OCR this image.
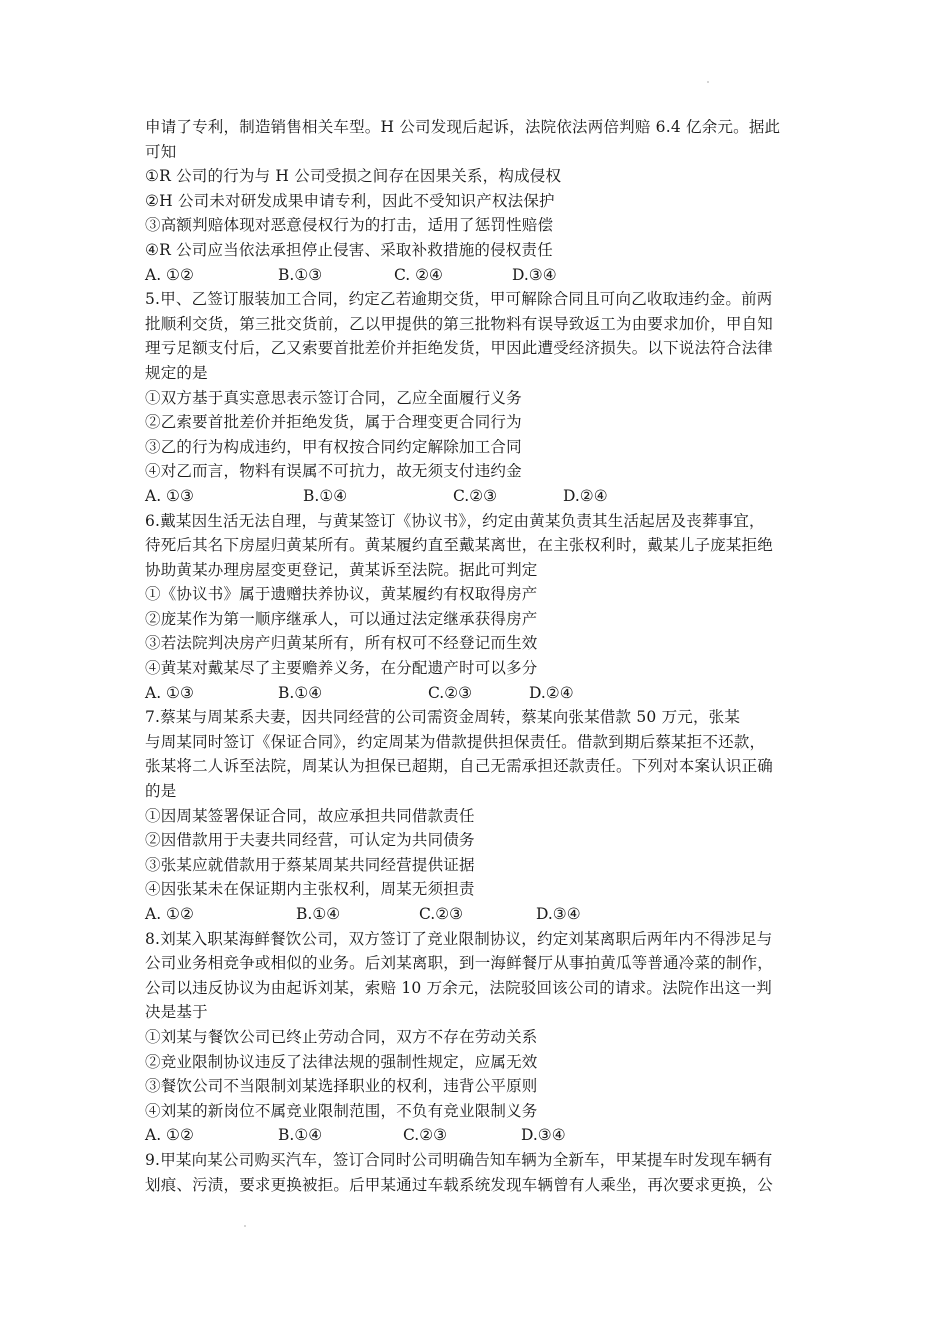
申请了专利，制造销售相关车型。H 公司发现后起诉，法院依法两倍判赔 6.4 亿余元。据此
可知
①R 公司的行为与 H 公司受损之间存在因果关系，构成侵权
②H 公司未对研发成果申请专利，因此不受知识产权法保护
③高额判赔体现对恶意侵权行为的打击，适用了惩罚性赔偿
④R 公司应当依法承担停止侵害、采取补救措施的侵权责任
A. ①②	B.①③	C. ②④	D.③④
5.甲、乙签订服装加工合同，约定乙若逾期交货，甲可解除合同且可向乙收取违约金。前两
批顺利交货，第三批交货前，乙以甲提供的第三批物料有误导致返工为由要求加价，甲自知
理亏足额支付后，乙又索要首批差价并拒绝发货，甲因此遭受经济损失。以下说法符合法律
规定的是
①双方基于真实意思表示签订合同，乙应全面履行义务
②乙索要首批差价并拒绝发货，属于合理变更合同行为
③乙的行为构成违约，甲有权按合同约定解除加工合同
④对乙而言，物料有误属不可抗力，故无须支付违约金
A. ①③	B.①④	C.②③	D.②④
6.戴某因生活无法自理，与黄某签订《协议书》，约定由黄某负责其生活起居及丧葬事宜，
待死后其名下房屋归黄某所有。黄某履约直至戴某离世，在主张权利时，戴某儿子庞某拒绝
协助黄某办理房屋变更登记，黄某诉至法院。据此可判定
①《协议书》属于遗赠扶养协议，黄某履约有权取得房产
②庞某作为第一顺序继承人，可以通过法定继承获得房产
③若法院判决房产归黄某所有，所有权可不经登记而生效
④黄某对戴某尽了主要赡养义务，在分配遗产时可以多分
A. ①③	B.①④	C.②③	D.②④
7.蔡某与周某系夫妻，因共同经营的公司需资金周转，蔡某向张某借款 50 万元，张某
与周某同时签订《保证合同》，约定周某为借款提供担保责任。借款到期后蔡某拒不还款，
张某将二人诉至法院，周某认为担保已超期，自己无需承担还款责任。下列对本案认识正确
的是
①因周某签署保证合同，故应承担共同借款责任
②因借款用于夫妻共同经营，可认定为共同债务
③张某应就借款用于蔡某周某共同经营提供证据
④因张某未在保证期内主张权利，周某无须担责
A. ①②	B.①④	C.②③	D.③④
8.刘某入职某海鲜餐饮公司，双方签订了竞业限制协议，约定刘某离职后两年内不得涉足与
公司业务相竞争或相似的业务。后刘某离职，到一海鲜餐厅从事拍黄瓜等普通冷菜的制作，
公司以违反协议为由起诉刘某，索赔 10 万余元，法院驳回该公司的请求。法院作出这一判
决是基于
①刘某与餐饮公司已终止劳动合同，双方不存在劳动关系
②竞业限制协议违反了法律法规的强制性规定，应属无效
③餐饮公司不当限制刘某选择职业的权利，违背公平原则
④刘某的新岗位不属竞业限制范围，不负有竞业限制义务
A. ①②	B.①④	C.②③	D.③④
9.甲某向某公司购买汽车，签订合同时公司明确告知车辆为全新车，甲某提车时发现车辆有
划痕、污渍，要求更换被拒。后甲某通过车载系统发现车辆曾有人乘坐，再次要求更换，公
